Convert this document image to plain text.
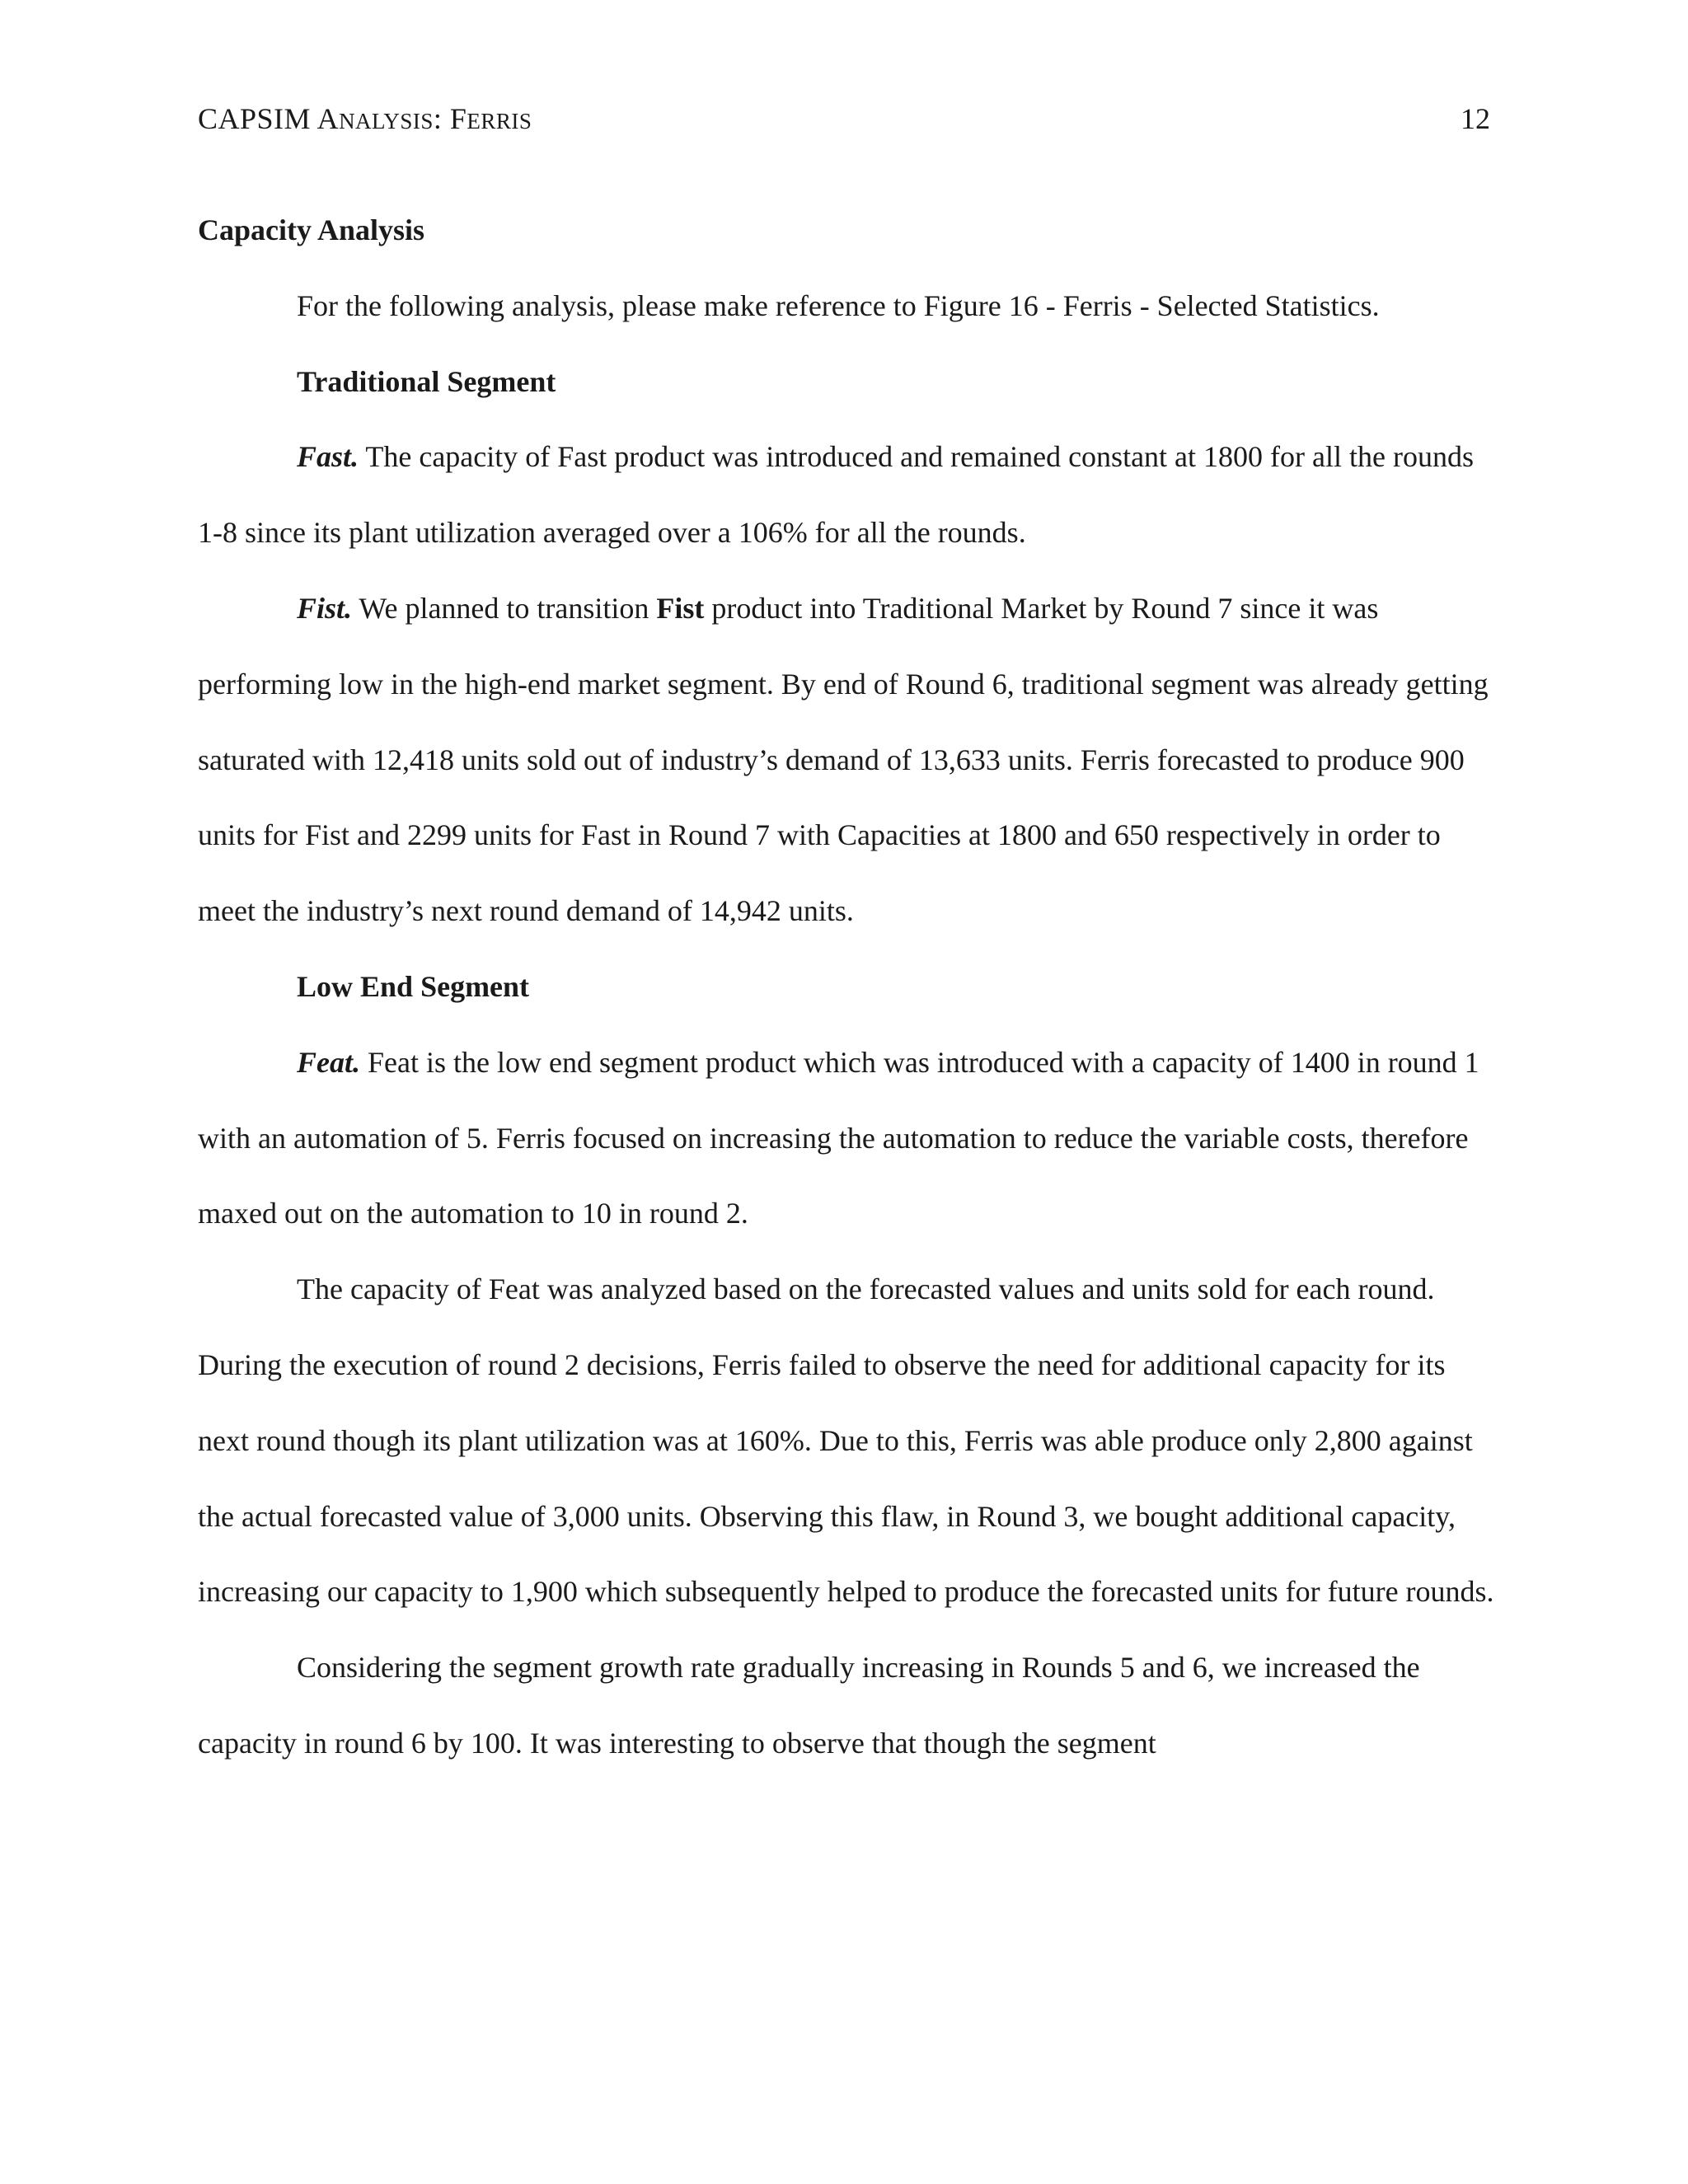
CAPSIM ANALYSIS: FERRIS	12
Capacity Analysis

For the following analysis, please make reference to Figure 16 - Ferris - Selected Statistics.

Traditional Segment

Fast. The capacity of Fast product was introduced and remained constant at 1800 for all the rounds 1-8 since its plant utilization averaged over a 106% for all the rounds.

Fist. We planned to transition Fist product into Traditional Market by Round 7 since it was performing low in the high-end market segment. By end of Round 6, traditional segment was already getting saturated with 12,418 units sold out of industry’s demand of 13,633 units. Ferris forecasted to produce 900 units for Fist and 2299 units for Fast in Round 7 with Capacities at 1800 and 650 respectively in order to meet the industry’s next round demand of 14,942 units.

Low End Segment

Feat. Feat is the low end segment product which was introduced with a capacity of 1400 in round 1 with an automation of 5. Ferris focused on increasing the automation to reduce the variable costs, therefore maxed out on the automation to 10 in round 2.

The capacity of Feat was analyzed based on the forecasted values and units sold for each round. During the execution of round 2 decisions, Ferris failed to observe the need for additional capacity for its next round though its plant utilization was at 160%. Due to this, Ferris was able produce only 2,800 against the actual forecasted value of 3,000 units. Observing this flaw, in Round 3, we bought additional capacity, increasing our capacity to 1,900 which subsequently helped to produce the forecasted units for future rounds.

Considering the segment growth rate gradually increasing in Rounds 5 and 6, we increased the capacity in round 6 by 100. It was interesting to observe that though the segment
